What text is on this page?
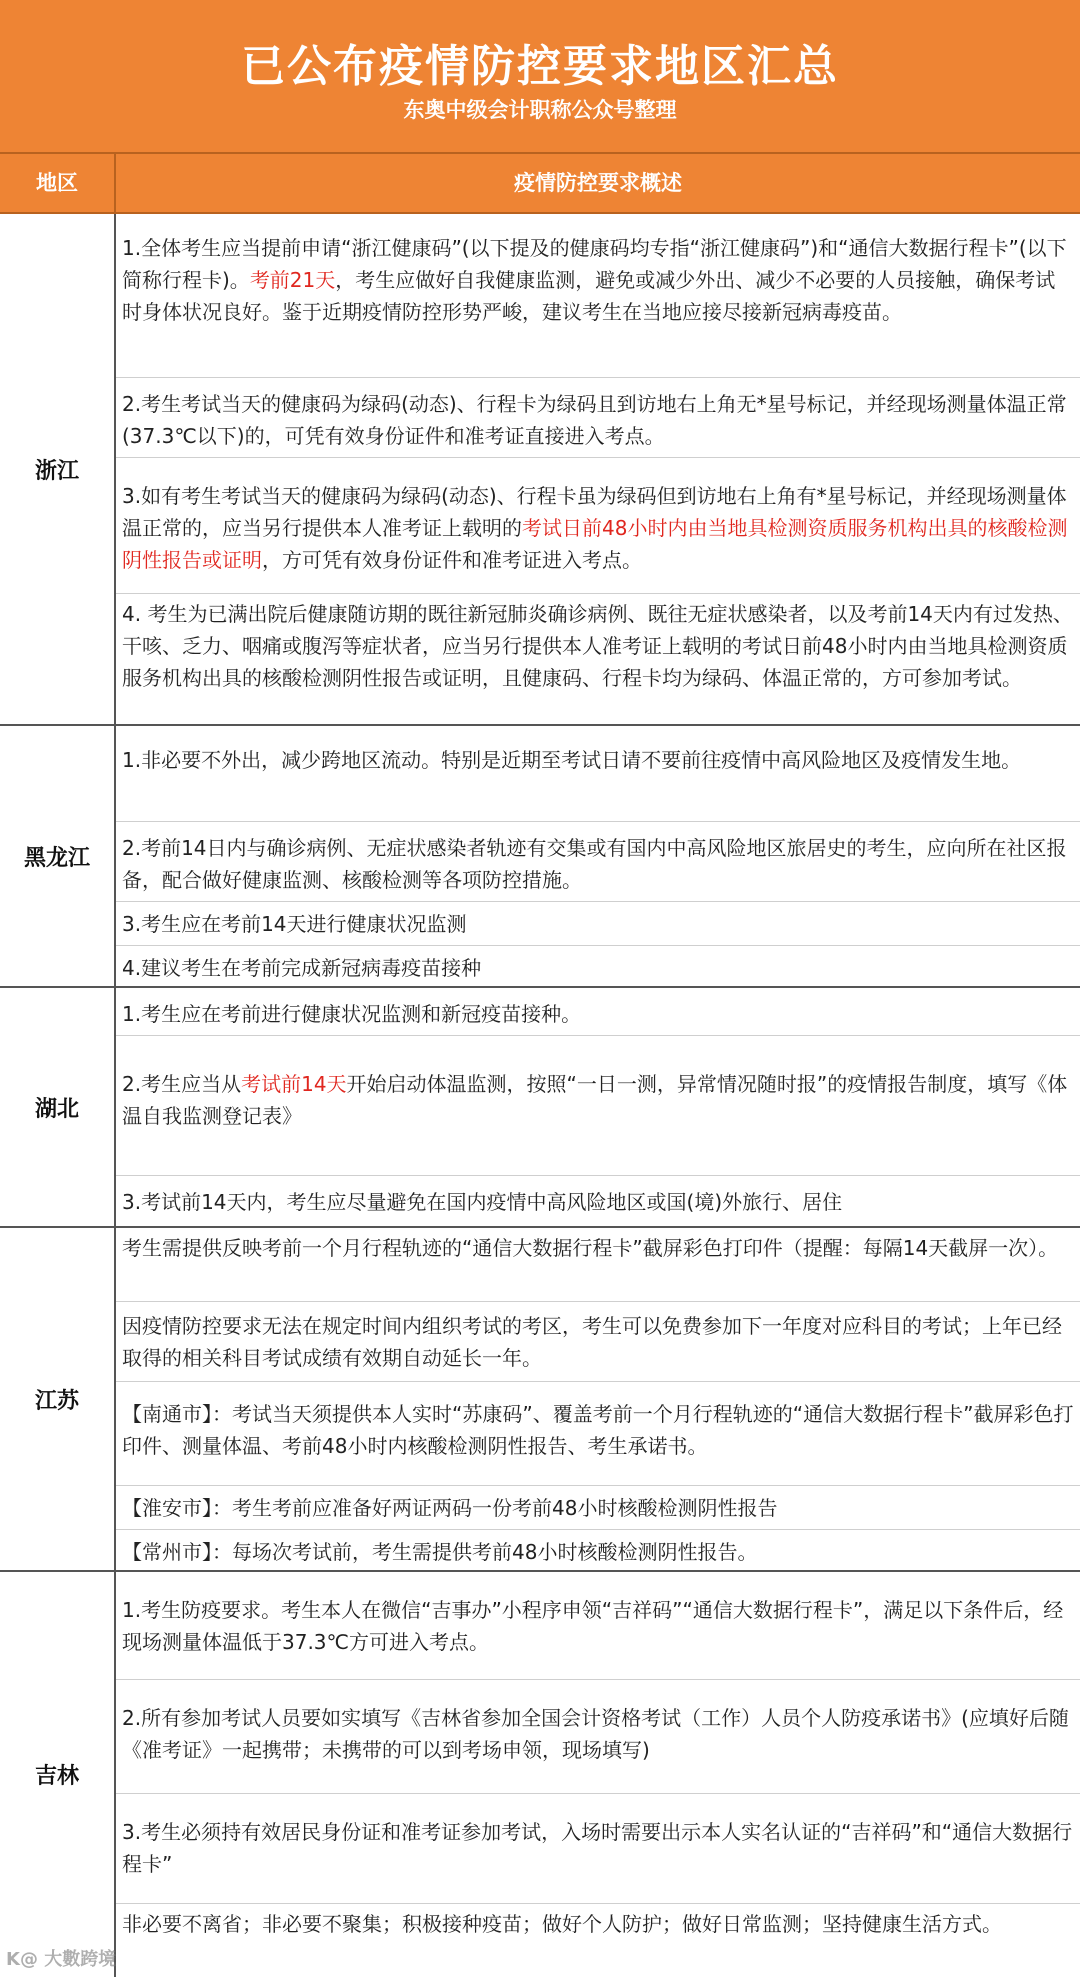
已公布疫情防控要求地区汇总
东奥中级会计职称公众号整理
地区	疫情防控要求概述
浙江
1.全体考生应当提前申请“浙江健康码”(以下提及的健康码均专指“浙江健康码”)和“通信大数据行程卡”(以下简称行程卡)。考前21天，考生应做好自我健康监测，避免或减少外出、减少不必要的人员接触，确保考试时身体状况良好。鉴于近期疫情防控形势严峻，建议考生在当地应接尽接新冠病毒疫苗。
2.考生考试当天的健康码为绿码(动态)、行程卡为绿码且到访地右上角无*星号标记，并经现场测量体温正常(37.3℃以下)的，可凭有效身份证件和准考证直接进入考点。
3.如有考生考试当天的健康码为绿码(动态)、行程卡虽为绿码但到访地右上角有*星号标记，并经现场测量体温正常的，应当另行提供本人准考证上载明的考试日前48小时内由当地具检测资质服务机构出具的核酸检测阴性报告或证明，方可凭有效身份证件和准考证进入考点。
4. 考生为已满出院后健康随访期的既往新冠肺炎确诊病例、既往无症状感染者，以及考前14天内有过发热、干咳、乏力、咽痛或腹泻等症状者，应当另行提供本人准考证上载明的考试日前48小时内由当地具检测资质服务机构出具的核酸检测阴性报告或证明，且健康码、行程卡均为绿码、体温正常的，方可参加考试。
黑龙江
1.非必要不外出，减少跨地区流动。特别是近期至考试日请不要前往疫情中高风险地区及疫情发生地。
2.考前14日内与确诊病例、无症状感染者轨迹有交集或有国内中高风险地区旅居史的考生，应向所在社区报备，配合做好健康监测、核酸检测等各项防控措施。
3.考生应在考前14天进行健康状况监测
4.建议考生在考前完成新冠病毒疫苗接种
湖北
1.考生应在考前进行健康状况监测和新冠疫苗接种。
2.考生应当从考试前14天开始启动体温监测，按照“一日一测，异常情况随时报”的疫情报告制度，填写《体温自我监测登记表》
3.考试前14天内，考生应尽量避免在国内疫情中高风险地区或国(境)外旅行、居住
江苏
考生需提供反映考前一个月行程轨迹的“通信大数据行程卡”截屏彩色打印件（提醒：每隔14天截屏一次）。
因疫情防控要求无法在规定时间内组织考试的考区，考生可以免费参加下一年度对应科目的考试；上年已经取得的相关科目考试成绩有效期自动延长一年。
【南通市】：考试当天须提供本人实时“苏康码”、覆盖考前一个月行程轨迹的“通信大数据行程卡”截屏彩色打印件、测量体温、考前48小时内核酸检测阴性报告、考生承诺书。
【淮安市】：考生考前应准备好两证两码一份考前48小时核酸检测阴性报告
【常州市】：每场次考试前，考生需提供考前48小时核酸检测阴性报告。
吉林
1.考生防疫要求。考生本人在微信“吉事办”小程序申领“吉祥码”“通信大数据行程卡”，满足以下条件后，经现场测量体温低于37.3℃方可进入考点。
2.所有参加考试人员要如实填写《吉林省参加全国会计资格考试（工作）人员个人防疫承诺书》(应填好后随《准考证》一起携带；未携带的可以到考场申领，现场填写)
3.考生必须持有效居民身份证和准考证参加考试，入场时需要出示本人实名认证的“吉祥码”和“通信大数据行程卡”
非必要不离省；非必要不聚集；积极接种疫苗；做好个人防护；做好日常监测；坚持健康生活方式。
K@ 大數跨境
